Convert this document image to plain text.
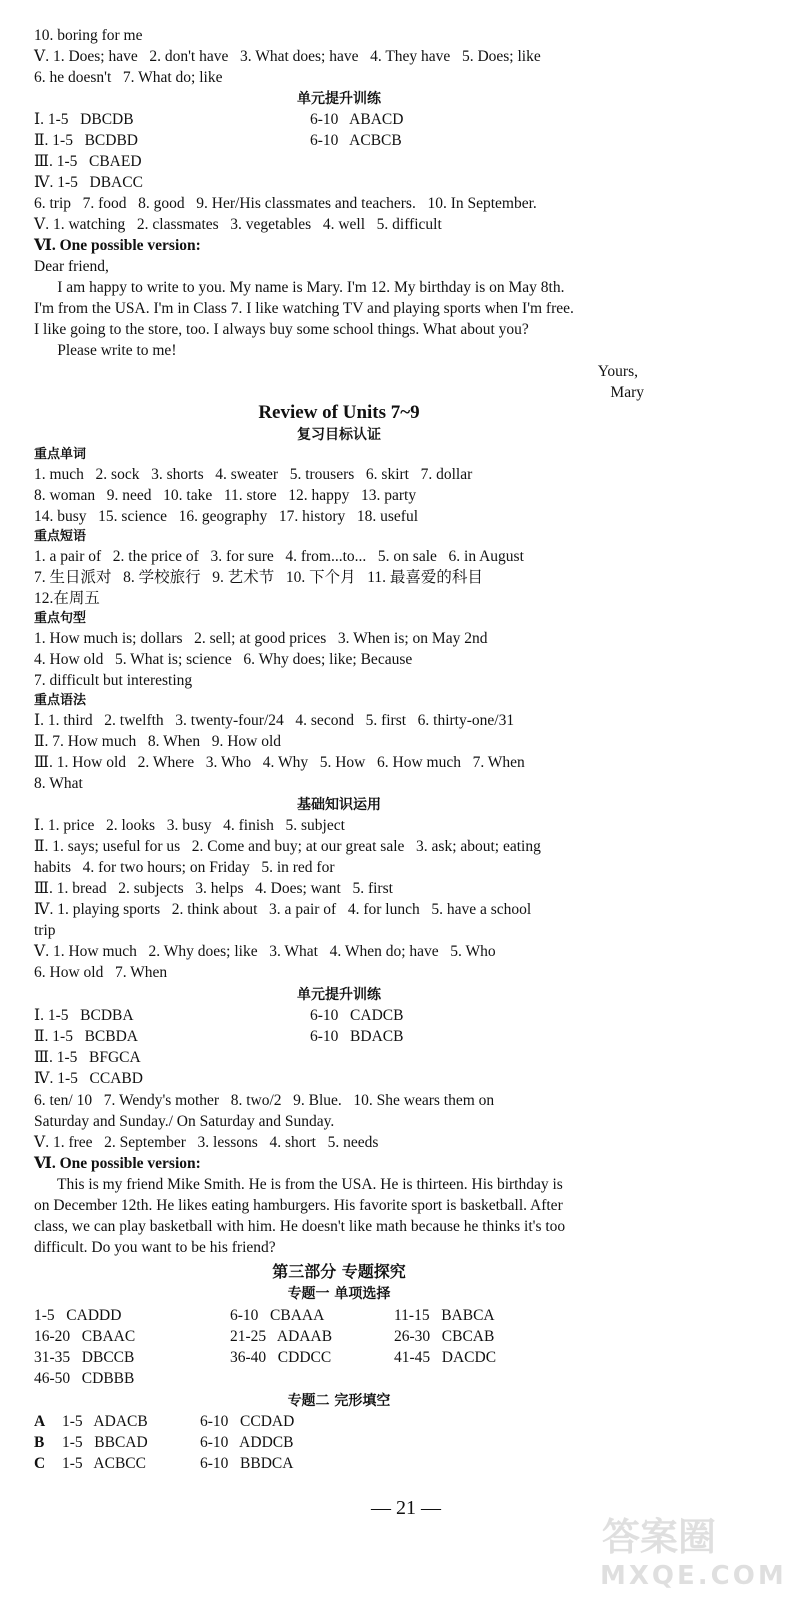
10. boring for me
Ⅴ. 1. Does; have   2. don't have   3. What does; have   4. They have   5. Does; like
6. he doesn't   7. What do; like
单元提升训练
Ⅰ. 1-5   DBCDB	6-10   ABACD
Ⅱ. 1-5   BCDBD	6-10   ACBCB
Ⅲ. 1-5   CBAED
Ⅳ. 1-5   DBACC
6. trip   7. food   8. good   9. Her/His classmates and teachers.   10. In September.
Ⅴ. 1. watching   2. classmates   3. vegetables   4. well   5. difficult
Ⅵ. One possible version:
Dear friend,
I am happy to write to you. My name is Mary. I'm 12. My birthday is on May 8th.
I'm from the USA. I'm in Class 7. I like watching TV and playing sports when I'm free.
I like going to the store, too. I always buy some school things. What about you?
Please write to me!
Yours,
Mary
Review of Units 7~9
复习目标认证
重点单词
1. much   2. sock   3. shorts   4. sweater   5. trousers   6. skirt   7. dollar
8. woman   9. need   10. take   11. store   12. happy   13. party
14. busy   15. science   16. geography   17. history   18. useful
重点短语
1. a pair of   2. the price of   3. for sure   4. from...to...   5. on sale   6. in August
7. 生日派对   8. 学校旅行   9. 艺术节   10. 下个月   11. 最喜爱的科目
12.在周五
重点句型
1. How much is; dollars   2. sell; at good prices   3. When is; on May 2nd
4. How old   5. What is; science   6. Why does; like; Because
7. difficult but interesting
重点语法
Ⅰ. 1. third   2. twelfth   3. twenty-four/24   4. second   5. first   6. thirty-one/31
Ⅱ. 7. How much   8. When   9. How old
Ⅲ. 1. How old   2. Where   3. Who   4. Why   5. How   6. How much   7. When
8. What
基础知识运用
Ⅰ. 1. price   2. looks   3. busy   4. finish   5. subject
Ⅱ. 1. says; useful for us   2. Come and buy; at our great sale   3. ask; about; eating
habits   4. for two hours; on Friday   5. in red for
Ⅲ. 1. bread   2. subjects   3. helps   4. Does; want   5. first
Ⅳ. 1. playing sports   2. think about   3. a pair of   4. for lunch   5. have a school
trip
Ⅴ. 1. How much   2. Why does; like   3. What   4. When do; have   5. Who
6. How old   7. When
单元提升训练
Ⅰ. 1-5   BCDBA	6-10   CADCB
Ⅱ. 1-5   BCBDA	6-10   BDACB
Ⅲ. 1-5   BFGCA
Ⅳ. 1-5   CCABD
6. ten/ 10   7. Wendy's mother   8. two/2   9. Blue.   10. She wears them on
Saturday and Sunday./ On Saturday and Sunday.
Ⅴ. 1. free   2. September   3. lessons   4. short   5. needs
Ⅵ. One possible version:
This is my friend Mike Smith. He is from the USA. He is thirteen. His birthday is
on December 12th. He likes eating hamburgers. His favorite sport is basketball. After
class, we can play basketball with him. He doesn't like math because he thinks it's too
difficult. Do you want to be his friend?
第三部分 专题探究
专题一 单项选择
1-5   CADDD	6-10   CBAAA	11-15   BABCA
16-20   CBAAC	21-25   ADAAB	26-30   CBCAB
31-35   DBCCB	36-40   CDDCC	41-45   DACDC
46-50   CDBBB
专题二 完形填空
A 1-5   ADACB	6-10   CCDAD
B 1-5   BBCAD	6-10   ADDCB
C 1-5   ACBCC	6-10   BBDCA
— 21 —
答案圈
MXQE.COM
